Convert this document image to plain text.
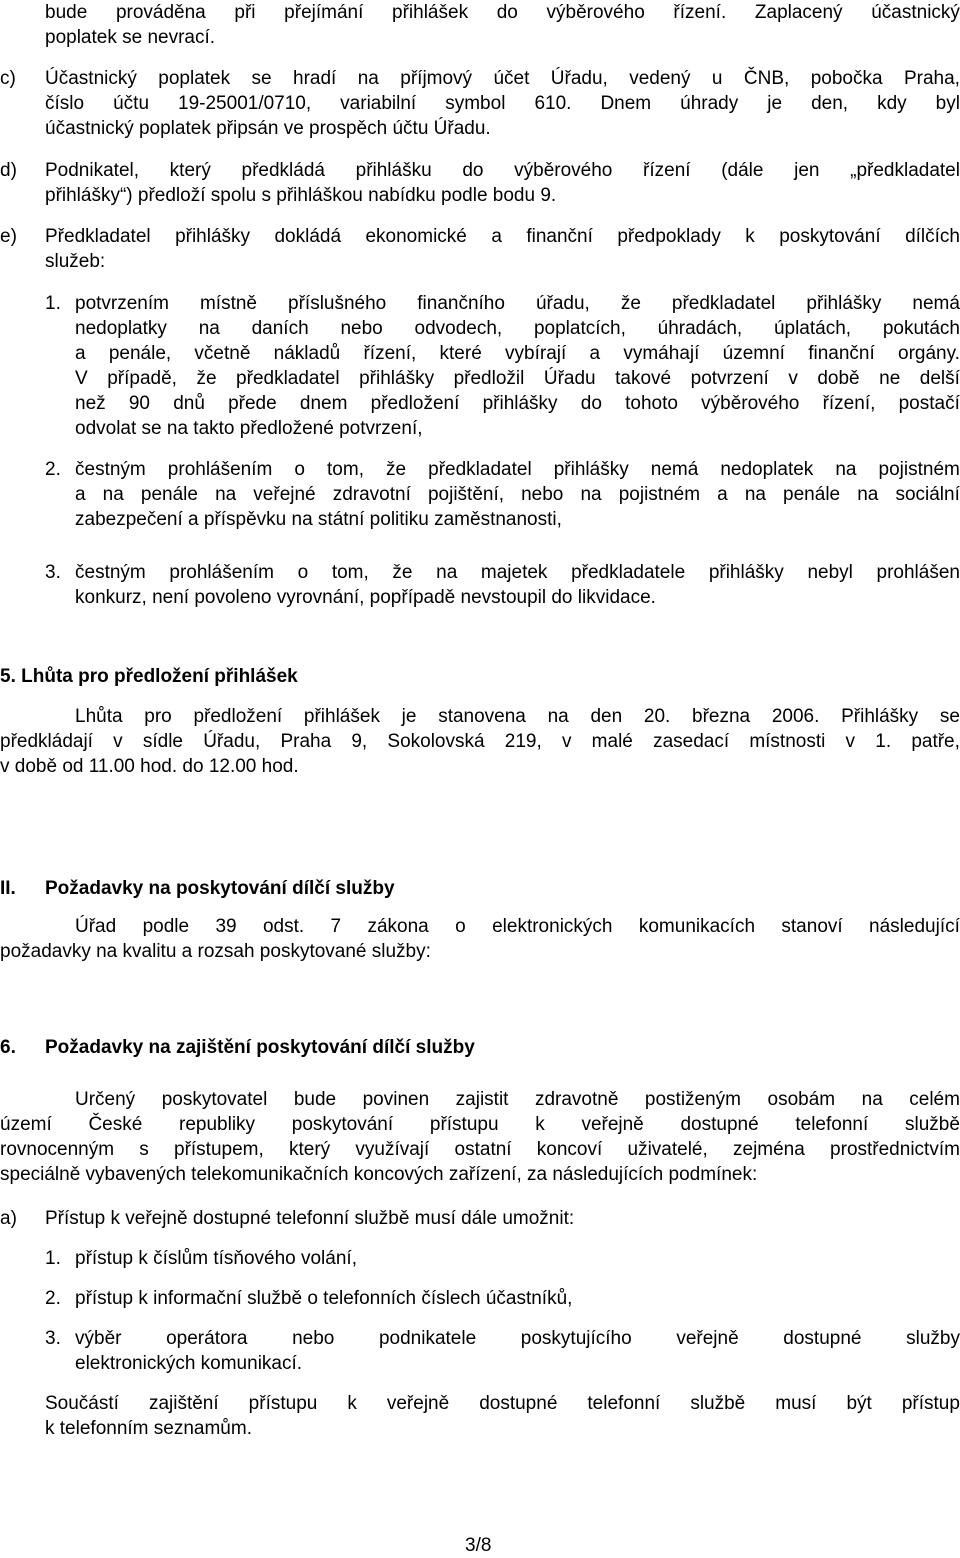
bude prováděna při přejímání přihlášek do výběrového řízení. Zaplacený účastnický
poplatek se nevrací.
c) Účastnický poplatek se hradí na příjmový účet Úřadu, vedený u ČNB, pobočka Praha,
číslo účtu 19-25001/0710, variabilní symbol 610. Dnem úhrady je den, kdy byl
účastnický poplatek připsán ve prospěch účtu Úřadu.
d) Podnikatel, který předkládá přihlášku do výběrového řízení (dále jen „předkladatel
přihlášky“) předloží spolu s přihláškou nabídku podle bodu 9.
e) Předkladatel přihlášky dokládá ekonomické a finanční předpoklady k poskytování dílčích
služeb:
1. potvrzením místně příslušného finančního úřadu, že předkladatel přihlášky nemá
nedoplatky na daních nebo odvodech, poplatcích, úhradách, úplatách, pokutách
a penále, včetně nákladů řízení, které vybírají a vymáhají územní finanční orgány.
V případě, že předkladatel přihlášky předložil Úřadu takové potvrzení v době ne delší
než 90 dnů přede dnem předložení přihlášky do tohoto výběrového řízení, postačí
odvolat se na takto předložené potvrzení,
2. čestným prohlášením o tom, že předkladatel přihlášky nemá nedoplatek na pojistném
a na penále na veřejné zdravotní pojištění, nebo na pojistném a na penále na sociální
zabezpečení a příspěvku na státní politiku zaměstnanosti,
3. čestným prohlášením o tom, že na majetek předkladatele přihlášky nebyl prohlášen
konkurz, není povoleno vyrovnání, popřípadě nevstoupil do likvidace.
5. Lhůta pro předložení přihlášek
Lhůta pro předložení přihlášek je stanovena na den 20. března 2006. Přihlášky se
předkládají v sídle Úřadu, Praha 9, Sokolovská 219, v malé zasedací místnosti v 1. patře,
v době od 11.00 hod. do 12.00 hod.
II. Požadavky na poskytování dílčí služby
Úřad podle 39 odst. 7 zákona o elektronických komunikacích stanoví následující
požadavky na kvalitu a rozsah poskytované služby:
6. Požadavky na zajištění poskytování dílčí služby
Určený poskytovatel bude povinen zajistit zdravotně postiženým osobám na celém
území České republiky poskytování přístupu k veřejně dostupné telefonní službě
rovnocenným s přístupem, který využívají ostatní koncoví uživatelé, zejména prostřednictvím
speciálně vybavených telekomunikačních koncových zařízení, za následujících podmínek:
a) Přístup k veřejně dostupné telefonní službě musí dále umožnit:
1. přístup k číslům tísňového volání,
2. přístup k informační službě o telefonních číslech účastníků,
3. výběr operátora nebo podnikatele poskytujícího veřejně dostupné služby
elektronických komunikací.
Součástí zajištění přístupu k veřejně dostupné telefonní službě musí být přístup
k telefonním seznamům.
3/8
